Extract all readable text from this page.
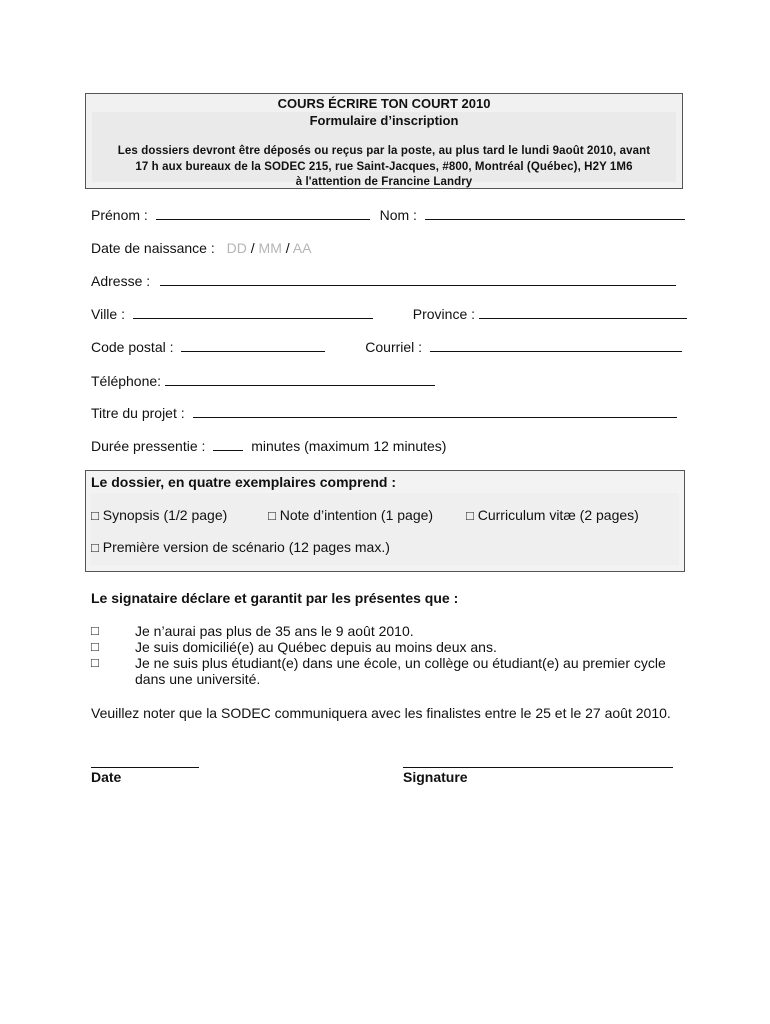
COURS ÉCRIRE TON COURT 2010
Formulaire d’inscription
Les dossiers devront être déposés ou reçus par la poste, au plus tard le lundi 9août 2010, avant
17 h aux bureaux de la SODEC 215, rue Saint-Jacques, #800, Montréal (Québec), H2Y 1M6
à l'attention de Francine Landry
Prénom :	Nom :
Date de naissance : DD / MM / AA
Adresse :
Ville :	Province :
Code postal :	Courriel :
Téléphone:
Titre du projet :
Durée pressentie :	minutes (maximum 12 minutes)
Le dossier, en quatre exemplaires comprend :
□ Synopsis (1/2 page)	□ Note d’intention (1 page)	□ Curriculum vitæ (2 pages)
□ Première version de scénario (12 pages max.)
Le signataire déclare et garantit par les présentes que :
□	Je n’aurai pas plus de 35 ans le 9 août 2010.
□	Je suis domicilié(e) au Québec depuis au moins deux ans.
□	Je ne suis plus étudiant(e) dans une école, un collège ou étudiant(e) au premier cycle
dans une université.
Veuillez noter que la SODEC communiquera avec les finalistes entre le 25 et le 27 août 2010.
Date	Signature
